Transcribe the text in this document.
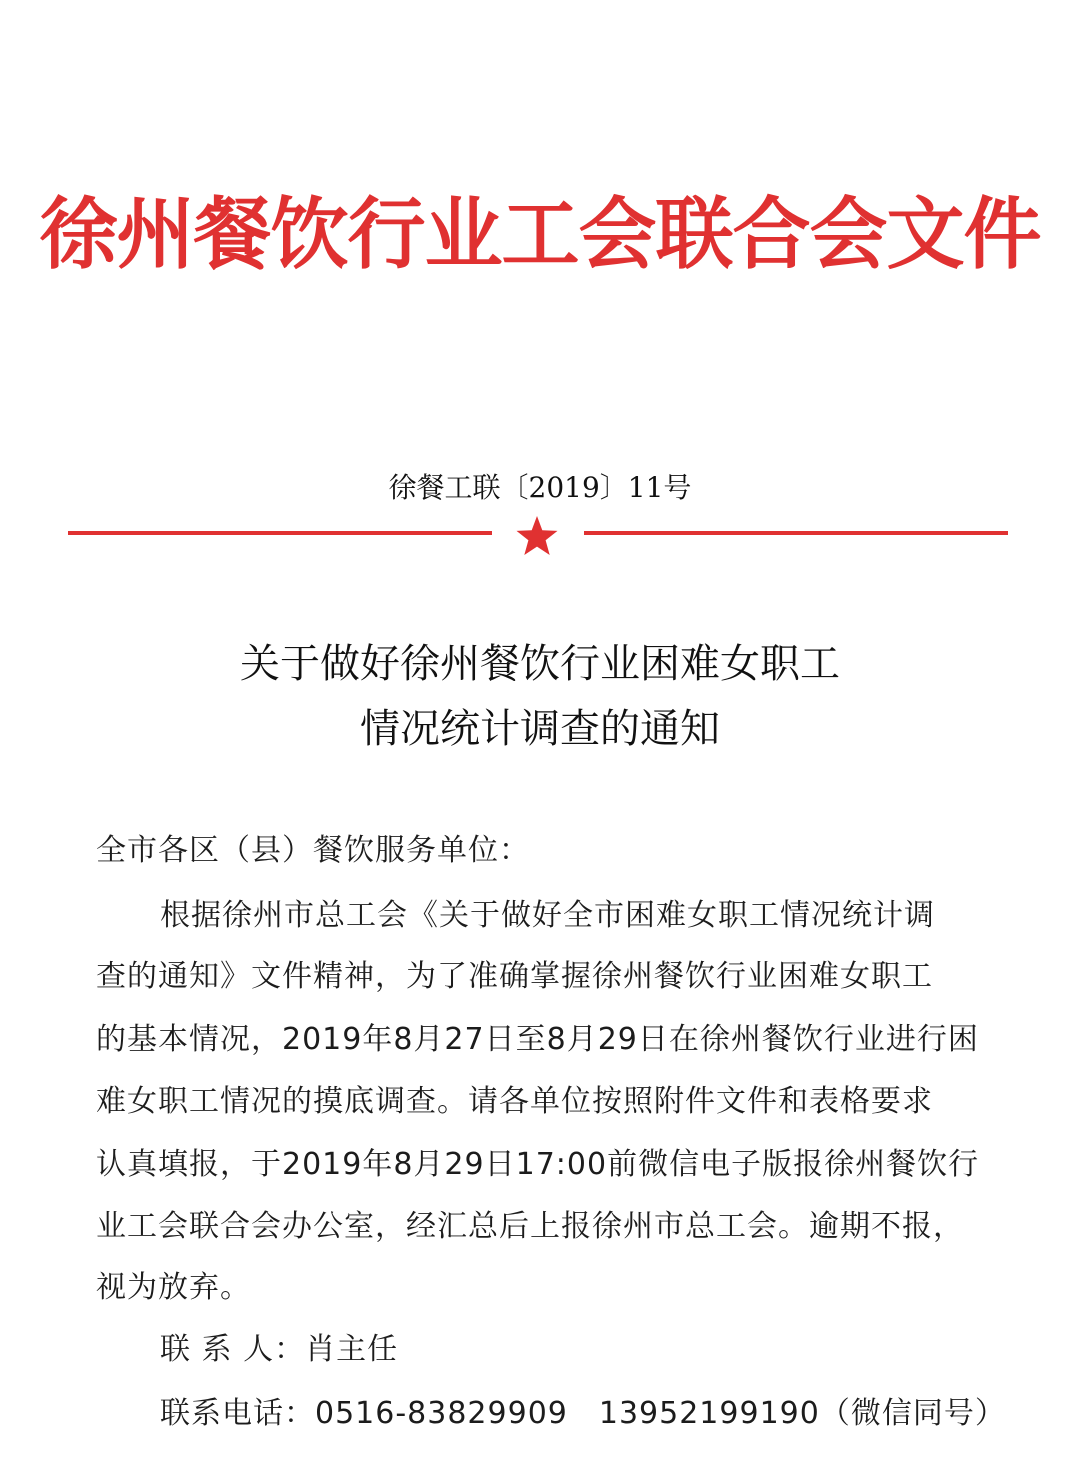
徐州餐饮行业工会联合会文件
徐餐工联〔2019〕11号
关于做好徐州餐饮行业困难女职工
情况统计调查的通知
全市各区（县）餐饮服务单位：
根据徐州市总工会《关于做好全市困难女职工情况统计调
查的通知》文件精神，为了准确掌握徐州餐饮行业困难女职工
的基本情况，2019年8月27日至8月29日在徐州餐饮行业进行困
难女职工情况的摸底调查。请各单位按照附件文件和表格要求
认真填报，于2019年8月29日17:00前微信电子版报徐州餐饮行
业工会联合会办公室，经汇总后上报徐州市总工会。逾期不报，
视为放弃。
联 系 人：肖主任
联系电话：0516-83829909　13952199190（微信同号）
